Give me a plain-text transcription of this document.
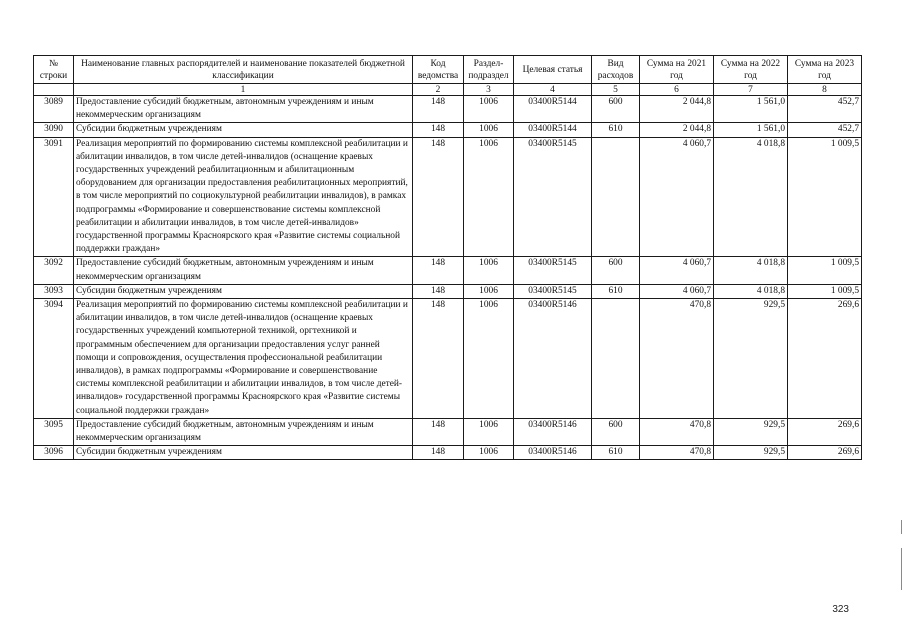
№ строки	Наименование главных распорядителей и наименование показателей бюджетной классификации	Код ведомства	Раздел-подраздел	Целевая статья	Вид расходов	Сумма на 2021 год	Сумма на 2022 год	Сумма на 2023 год
	1	2	3	4	5	6	7	8
3089	Предоставление субсидий бюджетным, автономным учреждениям и иным некоммерческим организациям	148	1006	03400R5144	600	2 044,8	1 561,0	452,7
3090	Субсидии бюджетным учреждениям	148	1006	03400R5144	610	2 044,8	1 561,0	452,7
3091	Реализация мероприятий по формированию системы комплексной реабилитации и абилитации инвалидов, в том числе детей-инвалидов (оснащение краевых государственных учреждений реабилитационным и абилитационным оборудованием для организации предоставления реабилитационных мероприятий, в том числе мероприятий по социокультурной реабилитации инвалидов), в рамках подпрограммы «Формирование и совершенствование системы комплексной реабилитации и абилитации инвалидов, в том числе детей-инвалидов» государственной программы Красноярского края «Развитие системы социальной поддержки граждан»	148	1006	03400R5145		4 060,7	4 018,8	1 009,5
3092	Предоставление субсидий бюджетным, автономным учреждениям и иным некоммерческим организациям	148	1006	03400R5145	600	4 060,7	4 018,8	1 009,5
3093	Субсидии бюджетным учреждениям	148	1006	03400R5145	610	4 060,7	4 018,8	1 009,5
3094	Реализация мероприятий по формированию системы комплексной реабилитации и абилитации инвалидов, в том числе детей-инвалидов (оснащение краевых государственных учреждений компьютерной техникой, оргтехникой и программным обеспечением для организации предоставления услуг ранней помощи и сопровождения, осуществления профессиональной реабилитации инвалидов), в рамках подпрограммы «Формирование и совершенствование системы комплексной реабилитации и абилитации инвалидов, в том числе детей-инвалидов» государственной программы Красноярского края «Развитие системы социальной поддержки граждан»	148	1006	03400R5146		470,8	929,5	269,6
3095	Предоставление субсидий бюджетным, автономным учреждениям и иным некоммерческим организациям	148	1006	03400R5146	600	470,8	929,5	269,6
3096	Субсидии бюджетным учреждениям	148	1006	03400R5146	610	470,8	929,5	269,6
323
